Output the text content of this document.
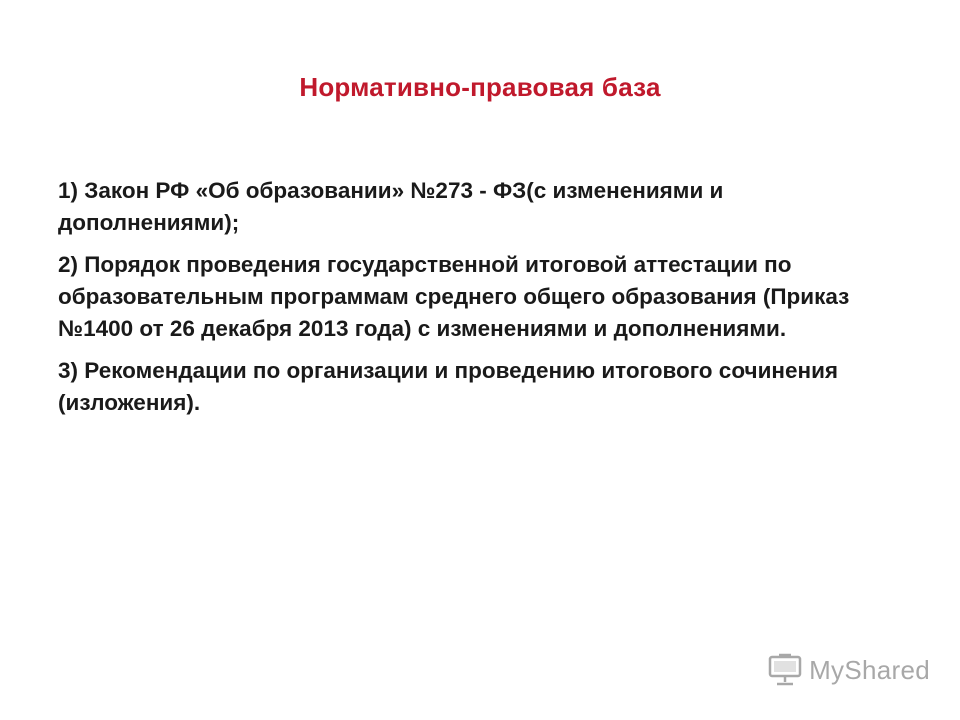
Нормативно-правовая база

1) Закон РФ «Об образовании» №273 - ФЗ(с изменениями и дополнениями);

2) Порядок проведения государственной итоговой аттестации по образовательным программам среднего общего образования (Приказ №1400 от 26 декабря 2013 года) с изменениями и дополнениями.

3) Рекомендации по организации и проведению итогового сочинения (изложения).

MyShared
